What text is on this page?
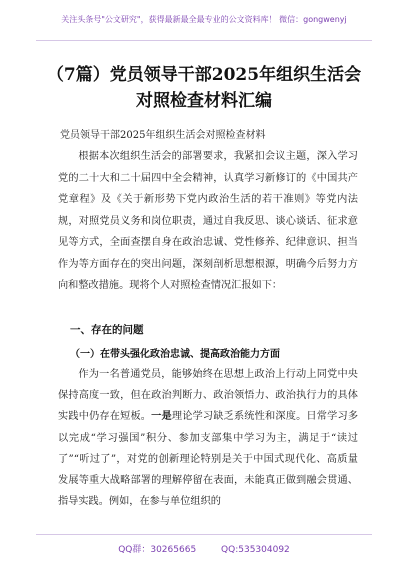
关注头条号"公文研究"，获得最新最全最专业的公文资料库！ 微信：gongwenyj
（7篇）党员领导干部2025年组织生活会
对照检查材料汇编
党员领导干部2025年组织生活会对照检查材料

根据本次组织生活会的部署要求，我紧扣会议主题，深入学习党的二十大和二十届四中全会精神，认真学习新修订的《中国共产党章程》及《关于新形势下党内政治生活的若干准则》等党内法规，对照党员义务和岗位职责，通过自我反思、谈心谈话、征求意见等方式，全面查摆自身在政治忠诚、党性修养、纪律意识、担当作为等方面存在的突出问题，深刻剖析思想根源，明确今后努力方向和整改措施。现将个人对照检查情况汇报如下：

一、存在的问题
（一）在带头强化政治忠诚、提高政治能力方面

作为一名普通党员，能够始终在思想上政治上行动上同党中央保持高度一致，但在政治判断力、政治领悟力、政治执行力的具体实践中仍存在短板。一是理论学习缺乏系统性和深度。日常学习多以完成“学习强国”积分、参加支部集中学习为主，满足于“读过了”“听过了”，对党的创新理论特别是关于中国式现代化、高质量发展等重大战略部署的理解停留在表面，未能真正做到融会贯通、指导实践。例如，在参与单位组织的

QQ群：30265665	QQ:535304092
